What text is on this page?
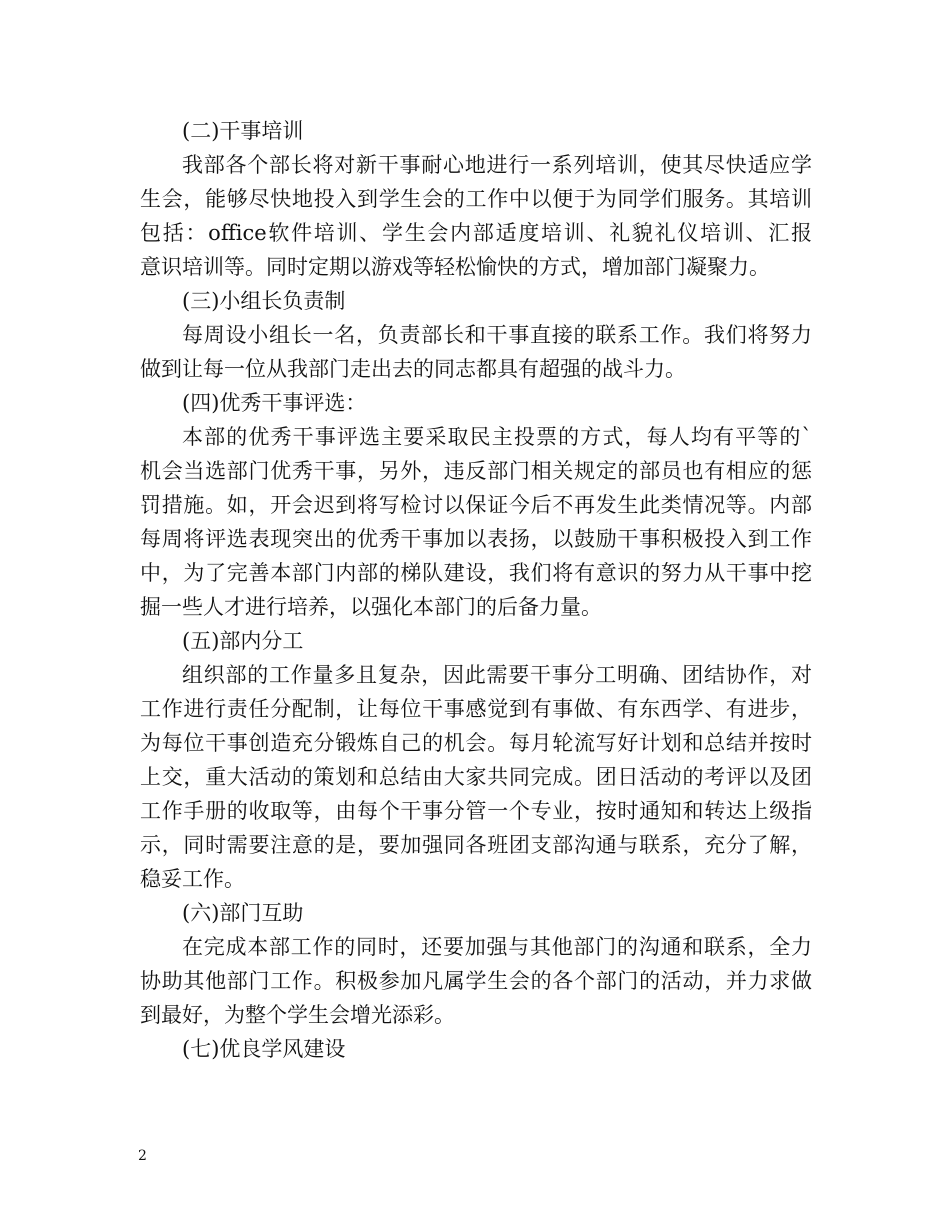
(二)干事培训
我部各个部长将对新干事耐心地进行一系列培训，使其尽快适应学
生会，能够尽快地投入到学生会的工作中以便于为同学们服务。其培训
包括：office软件培训、学生会内部适度培训、礼貌礼仪培训、汇报
意识培训等。同时定期以游戏等轻松愉快的方式，增加部门凝聚力。
(三)小组长负责制
每周设小组长一名，负责部长和干事直接的联系工作。我们将努力
做到让每一位从我部门走出去的同志都具有超强的战斗力。
(四)优秀干事评选：
本部的优秀干事评选主要采取民主投票的方式，每人均有平等的`
机会当选部门优秀干事，另外，违反部门相关规定的部员也有相应的惩
罚措施。如，开会迟到将写检讨以保证今后不再发生此类情况等。内部
每周将评选表现突出的优秀干事加以表扬，以鼓励干事积极投入到工作
中，为了完善本部门内部的梯队建设，我们将有意识的努力从干事中挖
掘一些人才进行培养，以强化本部门的后备力量。
(五)部内分工
组织部的工作量多且复杂，因此需要干事分工明确、团结协作，对
工作进行责任分配制，让每位干事感觉到有事做、有东西学、有进步，
为每位干事创造充分锻炼自己的机会。每月轮流写好计划和总结并按时
上交，重大活动的策划和总结由大家共同完成。团日活动的考评以及团
工作手册的收取等，由每个干事分管一个专业，按时通知和转达上级指
示，同时需要注意的是，要加强同各班团支部沟通与联系，充分了解，
稳妥工作。
(六)部门互助
在完成本部工作的同时，还要加强与其他部门的沟通和联系，全力
协助其他部门工作。积极参加凡属学生会的各个部门的活动，并力求做
到最好，为整个学生会增光添彩。
(七)优良学风建设
2
